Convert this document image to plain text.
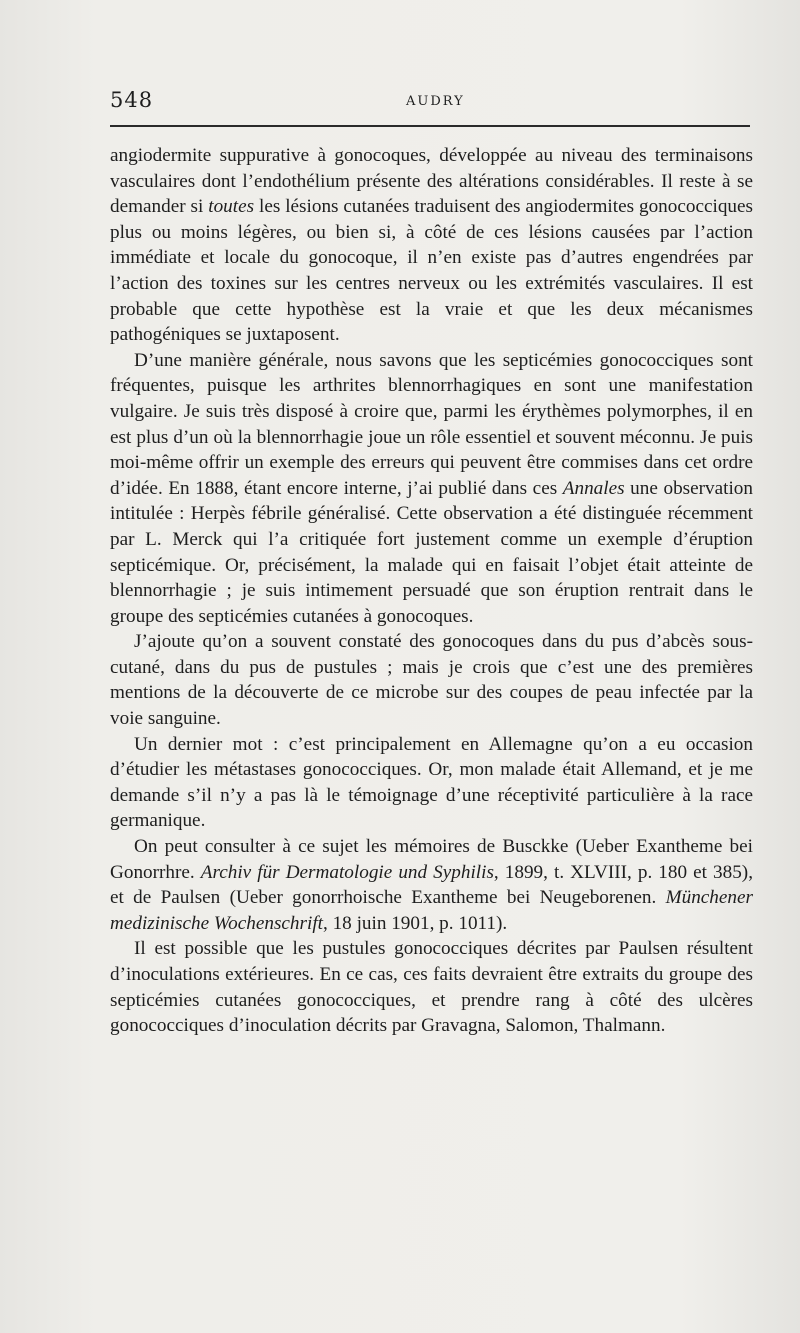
548	AUDRY

angiodermite suppurative à gonocoques, développée au niveau des terminaisons vasculaires dont l’endothélium présente des altérations considérables. Il reste à se demander si toutes les lésions cutanées traduisent des angiodermites gonococciques plus ou moins légères, ou bien si, à côté de ces lésions causées par l’action immédiate et locale du gonocoque, il n’en existe pas d’autres engendrées par l’action des toxines sur les centres nerveux ou les extrémités vasculaires. Il est probable que cette hypothèse est la vraie et que les deux mécanismes pathogéniques se juxtaposent.

D’une manière générale, nous savons que les septicémies gonococciques sont fréquentes, puisque les arthrites blennorrhagiques en sont une manifestation vulgaire. Je suis très disposé à croire que, parmi les érythèmes polymorphes, il en est plus d’un où la blennorrhagie joue un rôle essentiel et souvent méconnu. Je puis moi-même offrir un exemple des erreurs qui peuvent être commises dans cet ordre d’idée. En 1888, étant encore interne, j’ai publié dans ces Annales une observation intitulée : Herpès fébrile généralisé. Cette observation a été distinguée récemment par L. Merck qui l’a critiquée fort justement comme un exemple d’éruption septicémique. Or, précisément, la malade qui en faisait l’objet était atteinte de blennorrhagie ; je suis intimement persuadé que son éruption rentrait dans le groupe des septicémies cutanées à gonocoques.

J’ajoute qu’on a souvent constaté des gonocoques dans du pus d’abcès sous-cutané, dans du pus de pustules ; mais je crois que c’est une des premières mentions de la découverte de ce microbe sur des coupes de peau infectée par la voie sanguine.

Un dernier mot : c’est principalement en Allemagne qu’on a eu occasion d’étudier les métastases gonococciques. Or, mon malade était Allemand, et je me demande s’il n’y a pas là le témoignage d’une réceptivité particulière à la race germanique.

On peut consulter à ce sujet les mémoires de Busckke (Ueber Exantheme bei Gonorrhre. Archiv für Dermatologie und Syphilis, 1899, t. XLVIII, p. 180 et 385), et de Paulsen (Ueber gonorrhoische Exantheme bei Neugeborenen. Münchener medizinische Wochenschrift, 18 juin 1901, p. 1011).

Il est possible que les pustules gonococciques décrites par Paulsen résultent d’inoculations extérieures. En ce cas, ces faits devraient être extraits du groupe des septicémies cutanées gonococciques, et prendre rang à côté des ulcères gonococciques d’inoculation décrits par Gravagna, Salomon, Thalmann.
